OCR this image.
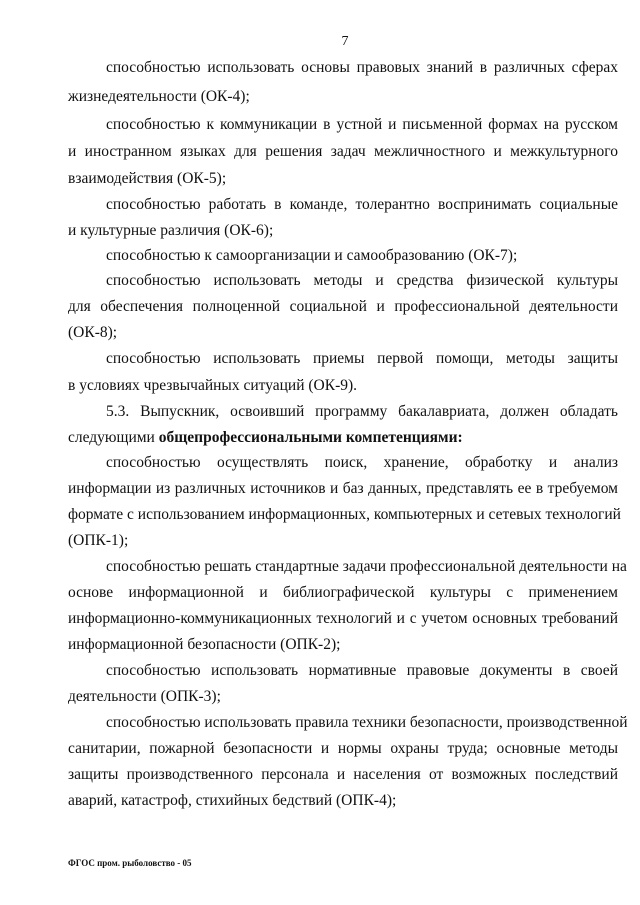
7
способностью использовать основы правовых знаний в различных сферах
жизнедеятельности (ОК-4);
способностью к коммуникации в устной и письменной формах на русском
и иностранном языках для решения задач межличностного и межкультурного
взаимодействия (ОК-5);
способностью работать в команде, толерантно воспринимать социальные
и культурные различия (ОК-6);
способностью к самоорганизации и самообразованию (ОК-7);
способностью использовать методы и средства физической культуры
для обеспечения полноценной социальной и профессиональной деятельности
(ОК-8);
способностью использовать приемы первой помощи, методы защиты
в условиях чрезвычайных ситуаций (ОК-9).
5.3. Выпускник, освоивший программу бакалавриата, должен обладать
следующими общепрофессиональными компетенциями:
способностью осуществлять поиск, хранение, обработку и анализ
информации из различных источников и баз данных, представлять ее в требуемом
формате с использованием информационных, компьютерных и сетевых технологий
(ОПК-1);
способностью решать стандартные задачи профессиональной деятельности на
основе информационной и библиографической культуры с применением
информационно-коммуникационных технологий и с учетом основных требований
информационной безопасности (ОПК-2);
способностью использовать нормативные правовые документы в своей
деятельности (ОПК-3);
способностью использовать правила техники безопасности, производственной
санитарии, пожарной безопасности и нормы охраны труда; основные методы
защиты производственного персонала и населения от возможных последствий
аварий, катастроф, стихийных бедствий (ОПК-4);
ФГОС пром. рыболовство - 05
